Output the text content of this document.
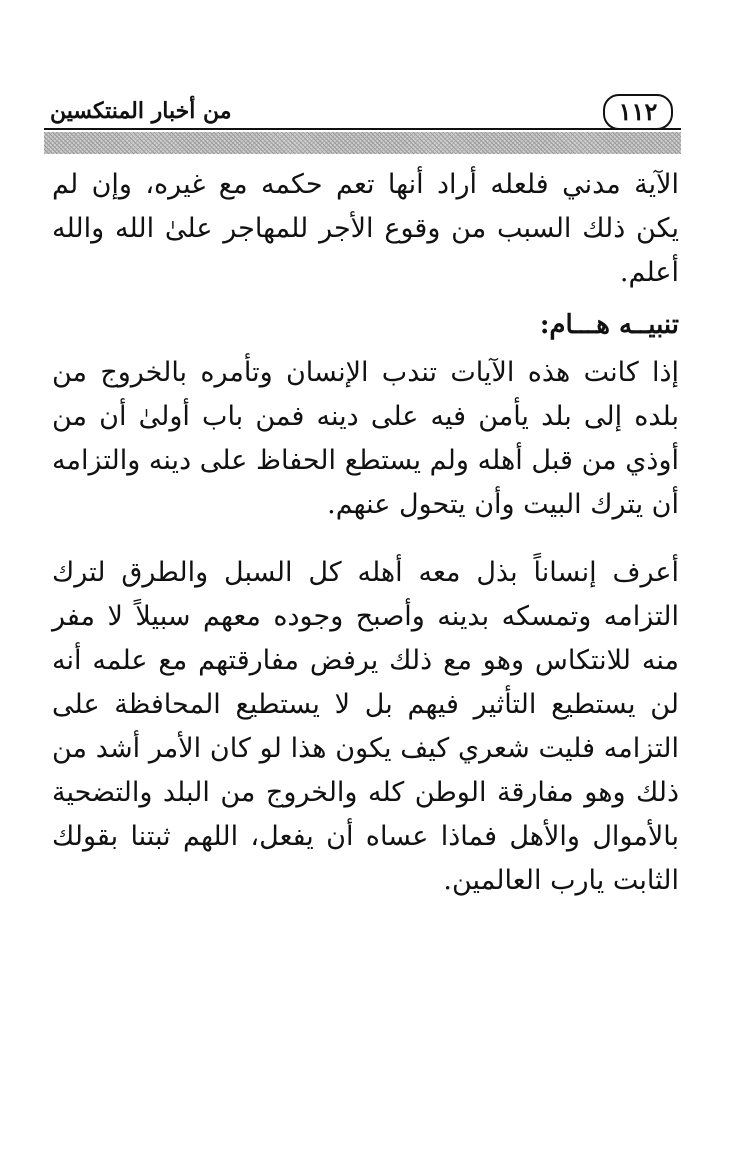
١١٢
من أخبار المنتكسين

الآية مدني فلعله أراد أنها تعم حكمه مع غيره، وإن لم يكن ذلك السبب من وقوع الأجر للمهاجر علىٰ الله والله أعلم.

تنبيــه هـــام:

إذا كانت هذه الآيات تندب الإنسان وتأمره بالخروج من بلده إلى بلد يأمن فيه على دينه فمن باب أولىٰ أن من أوذي من قبل أهله ولم يستطع الحفاظ على دينه والتزامه أن يترك البيت وأن يتحول عنهم.

أعرف إنساناً بذل معه أهله كل السبل والطرق لترك التزامه وتمسكه بدينه وأصبح وجوده معهم سبيلاً لا مفر منه للانتكاس وهو مع ذلك يرفض مفارقتهم مع علمه أنه لن يستطيع التأثير فيهم بل لا يستطيع المحافظة على التزامه فليت شعري كيف يكون هذا لو كان الأمر أشد من ذلك وهو مفارقة الوطن كله والخروج من البلد والتضحية بالأموال والأهل فماذا عساه أن يفعل، اللهم ثبتنا بقولك الثابت يارب العالمين.
